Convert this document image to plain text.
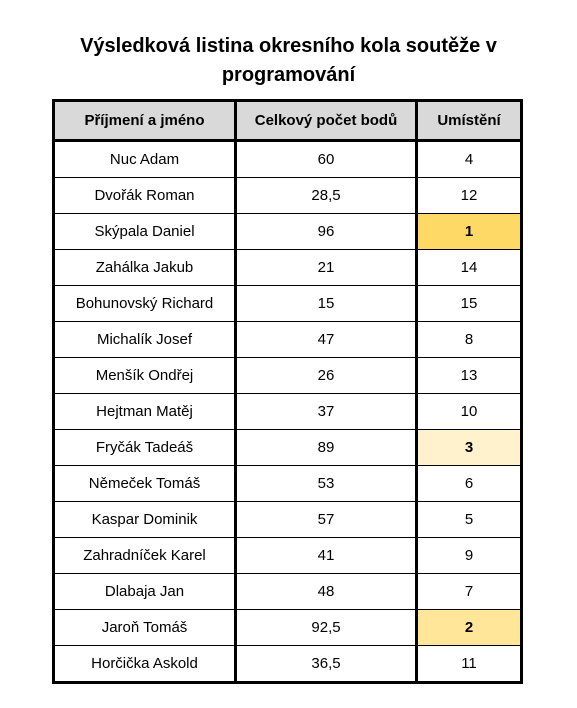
Výsledková listina okresního kola soutěže v
programování
Příjmení a jméno	Celkový počet bodů	Umístění
Nuc Adam	60	4
Dvořák Roman	28,5	12
Skýpala Daniel	96	1
Zahálka Jakub	21	14
Bohunovský Richard	15	15
Michalík Josef	47	8
Menšík Ondřej	26	13
Hejtman Matěj	37	10
Fryčák Tadeáš	89	3
Němeček Tomáš	53	6
Kaspar Dominik	57	5
Zahradníček Karel	41	9
Dlabaja Jan	48	7
Jaroň Tomáš	92,5	2
Horčička Askold	36,5	11
